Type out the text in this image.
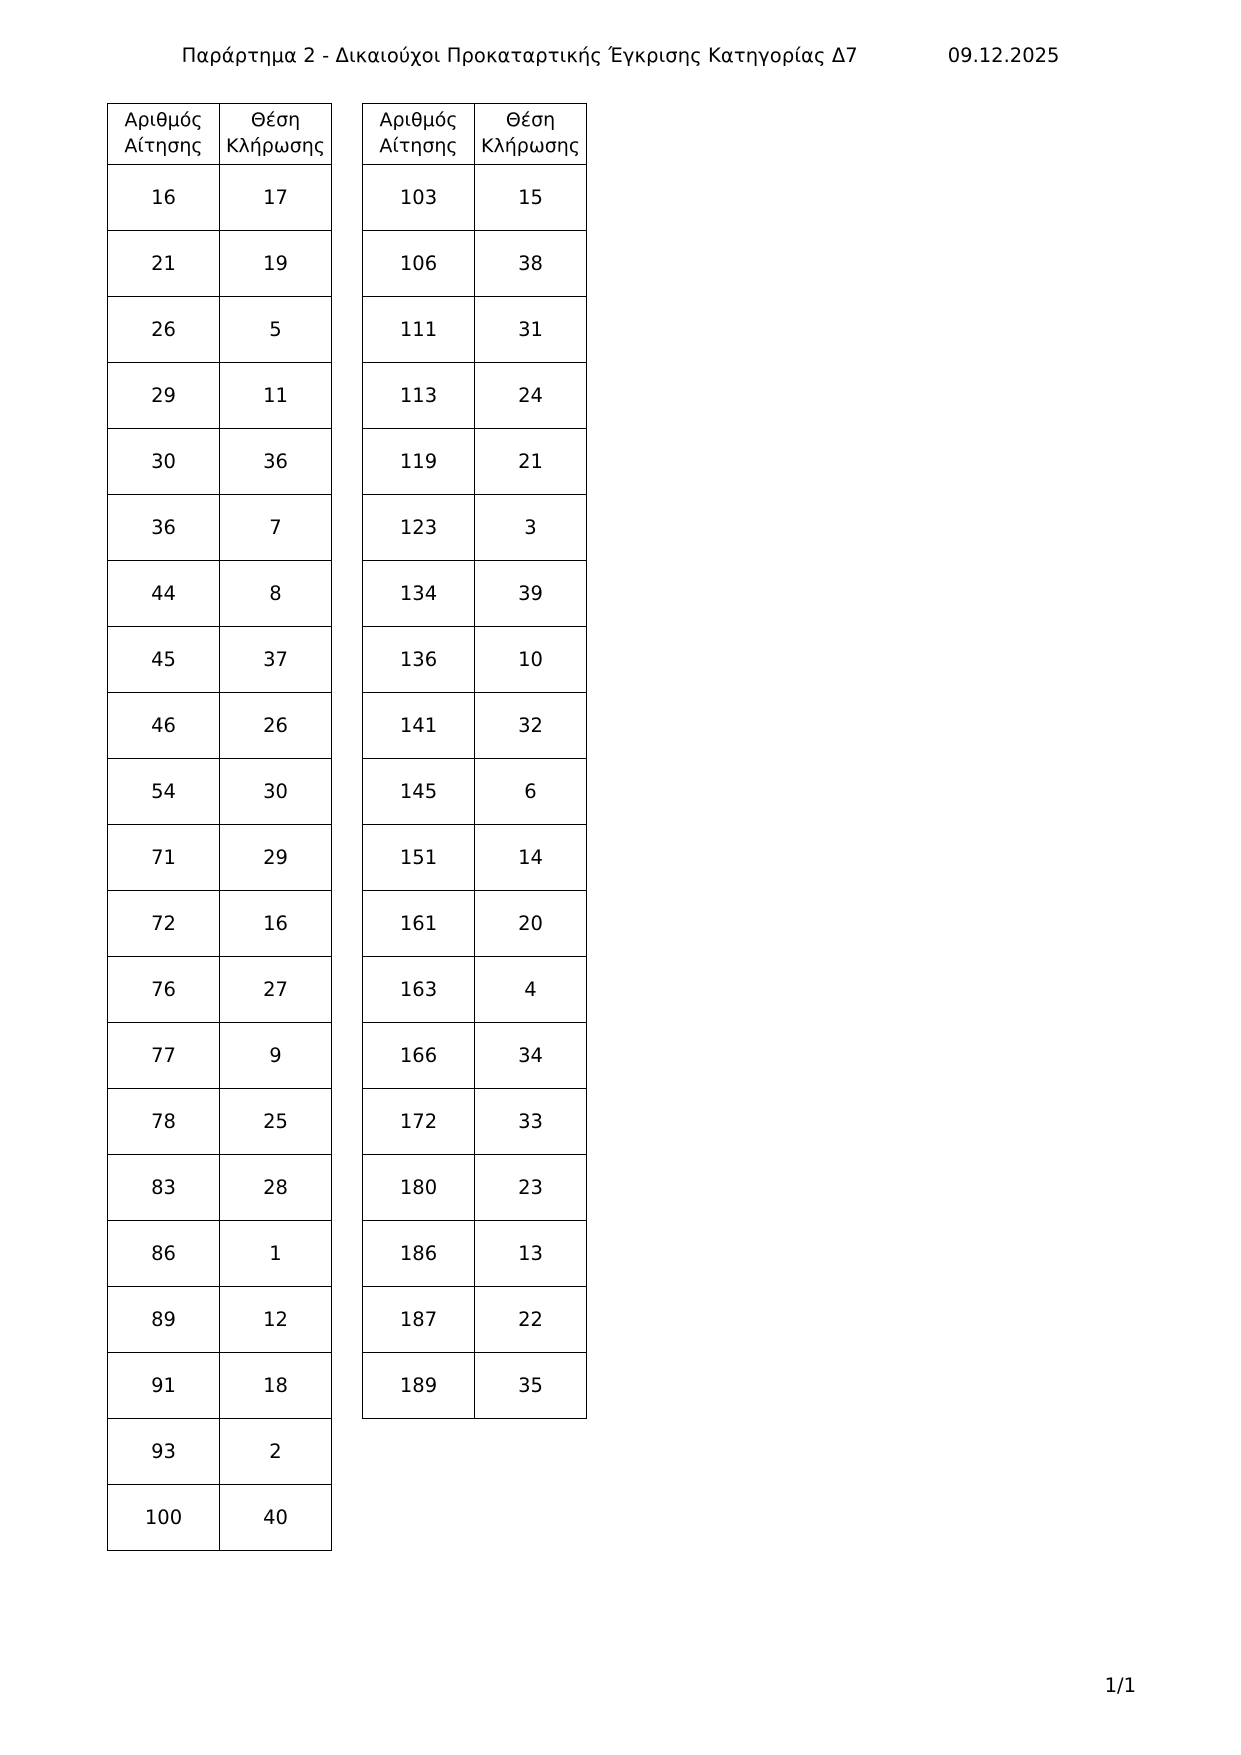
Παράρτημα 2 - Δικαιούχοι Προκαταρτικής Έγκρισης Κατηγορίας Δ7	09.12.2025
Αριθμός
Αίτησης	Θέση
Κλήρωσης

16	17
21	19
26	5
29	11
30	36
36	7
44	8
45	37
46	26
54	30
71	29
72	16
76	27
77	9
78	25
83	28
86	1
89	12
91	18
93	2
100	40
Αριθμός
Αίτησης	Θέση
Κλήρωσης

103	15
106	38
111	31
113	24
119	21
123	3
134	39
136	10
141	32
145	6
151	14
161	20
163	4
166	34
172	33
180	23
186	13
187	22
189	35
1/1
